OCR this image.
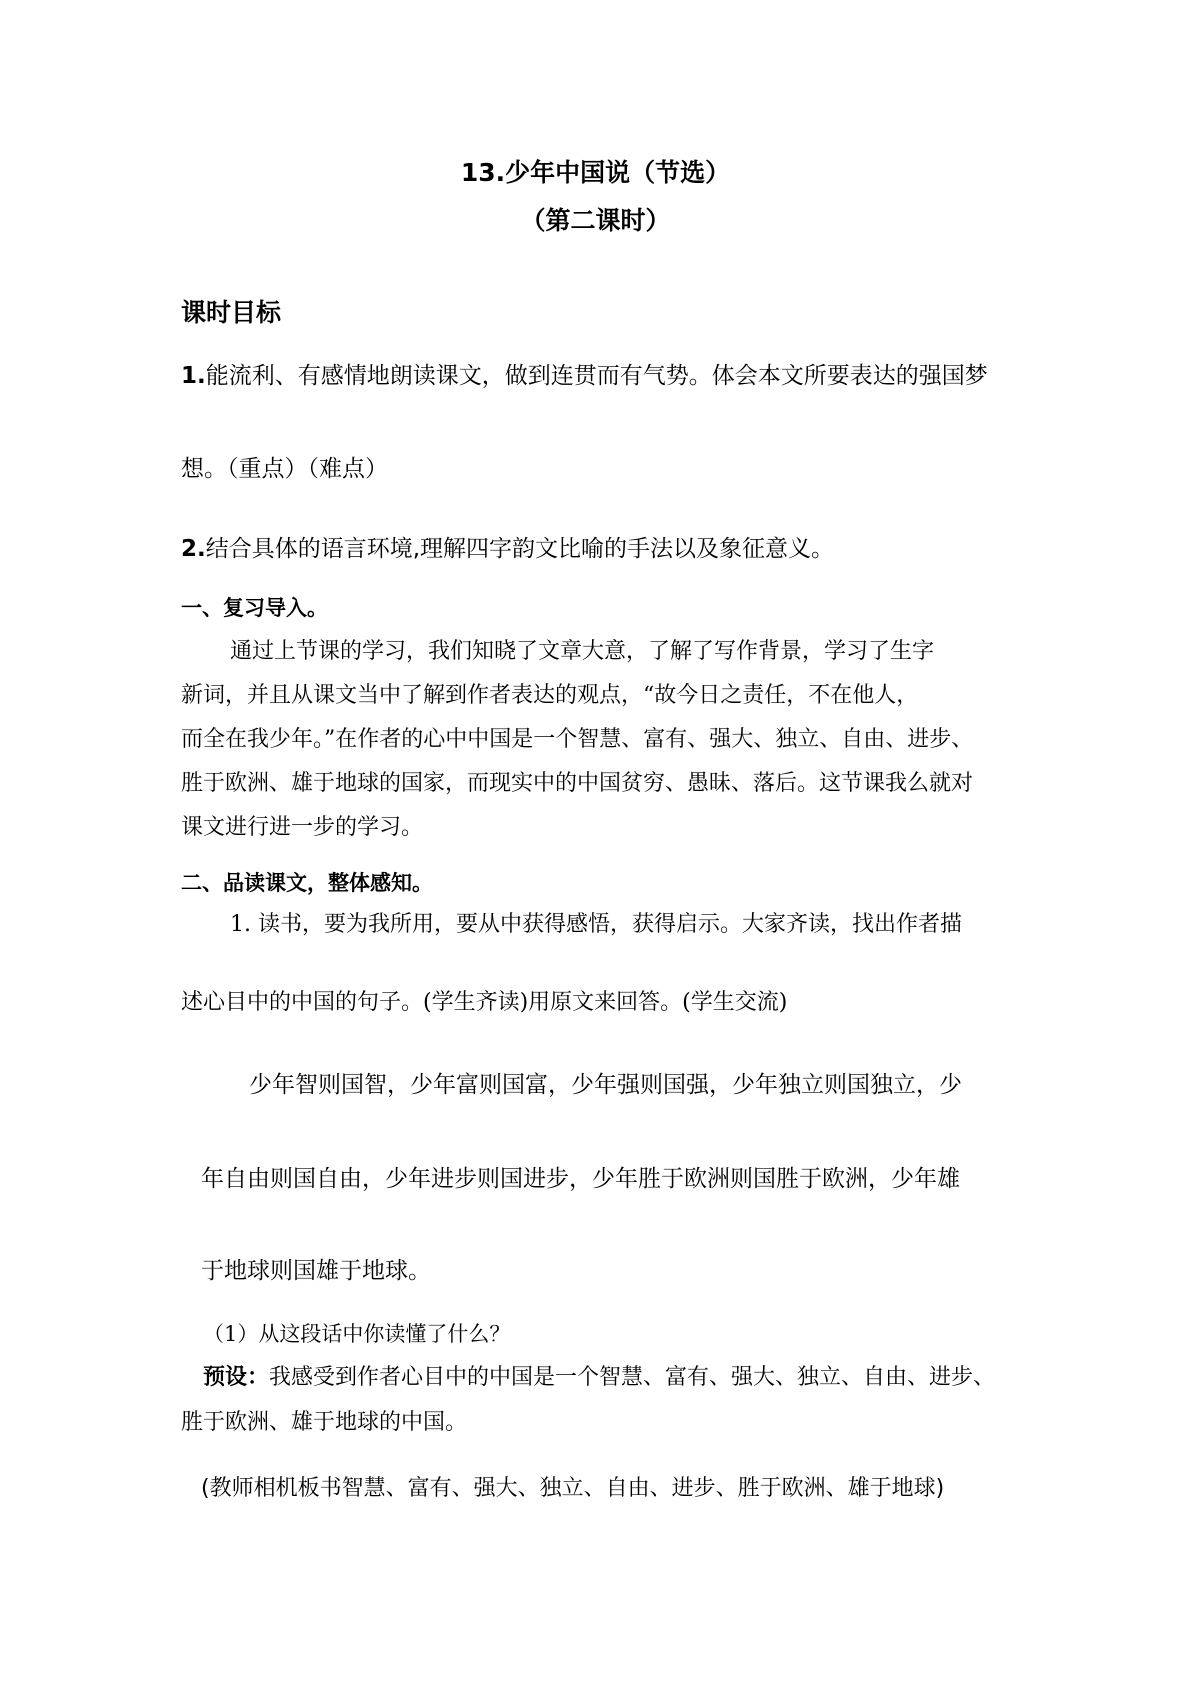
13.少年中国说（节选）
（第二课时）
课时目标
1.能流利、有感情地朗读课文，做到连贯而有气势。体会本文所要表达的强国梦
想。（重点）（难点）
2.结合具体的语言环境,理解四字韵文比喻的手法以及象征意义。
一、复习导入。
通过上节课的学习，我们知晓了文章大意，了解了写作背景，学习了生字
新词，并且从课文当中了解到作者表达的观点，“故今日之责任，不在他人，
而全在我少年。”在作者的心中中国是一个智慧、富有、强大、独立、自由、进步、
胜于欧洲、雄于地球的国家，而现实中的中国贫穷、愚昧、落后。这节课我么就对
课文进行进一步的学习。
二、品读课文，整体感知。
1. 读书，要为我所用，要从中获得感悟，获得启示。大家齐读，找出作者描
述心目中的中国的句子。(学生齐读)用原文来回答。(学生交流)
少年智则国智，少年富则国富，少年强则国强，少年独立则国独立，少
年自由则国自由，少年进步则国进步，少年胜于欧洲则国胜于欧洲，少年雄
于地球则国雄于地球。
（1）从这段话中你读懂了什么？
预设：我感受到作者心目中的中国是一个智慧、富有、强大、独立、自由、进步、
胜于欧洲、雄于地球的中国。
(教师相机板书智慧、富有、强大、独立、自由、进步、胜于欧洲、雄于地球)
